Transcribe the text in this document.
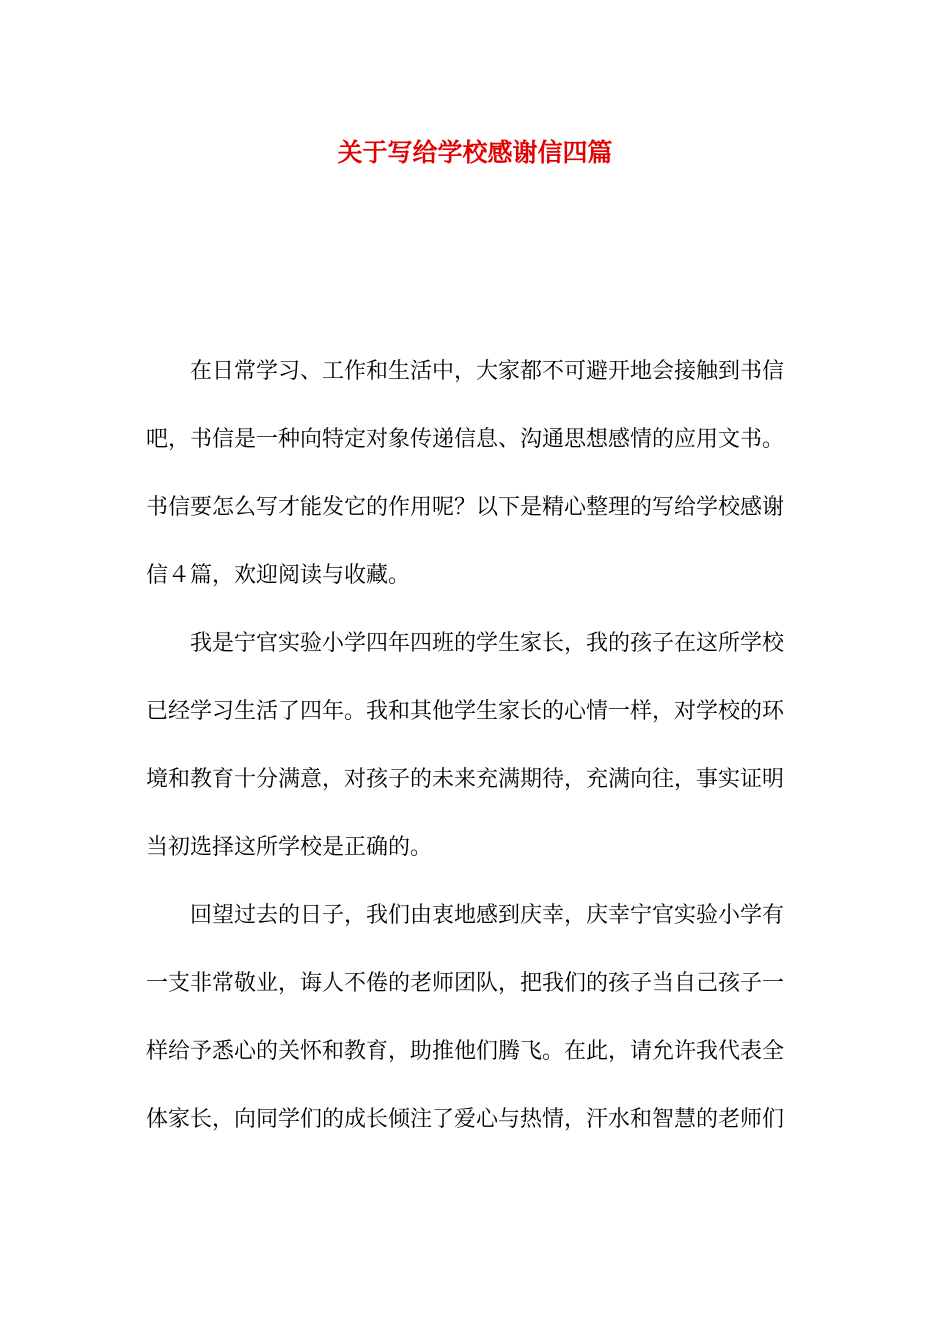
关于写给学校感谢信四篇
在日常学习、工作和生活中，大家都不可避开地会接触到书信
吧，书信是一种向特定对象传递信息、沟通思想感情的应用文书。
书信要怎么写才能发它的作用呢？以下是精心整理的写给学校感谢
信４篇，欢迎阅读与收藏。
我是宁官实验小学四年四班的学生家长，我的孩子在这所学校
已经学习生活了四年。我和其他学生家长的心情一样，对学校的环
境和教育十分满意，对孩子的未来充满期待，充满向往，事实证明
当初选择这所学校是正确的。
回望过去的日子，我们由衷地感到庆幸，庆幸宁官实验小学有
一支非常敬业，诲人不倦的老师团队，把我们的孩子当自己孩子一
样给予悉心的关怀和教育，助推他们腾飞。在此，请允许我代表全
体家长，向同学们的成长倾注了爱心与热情，汗水和智慧的老师们
